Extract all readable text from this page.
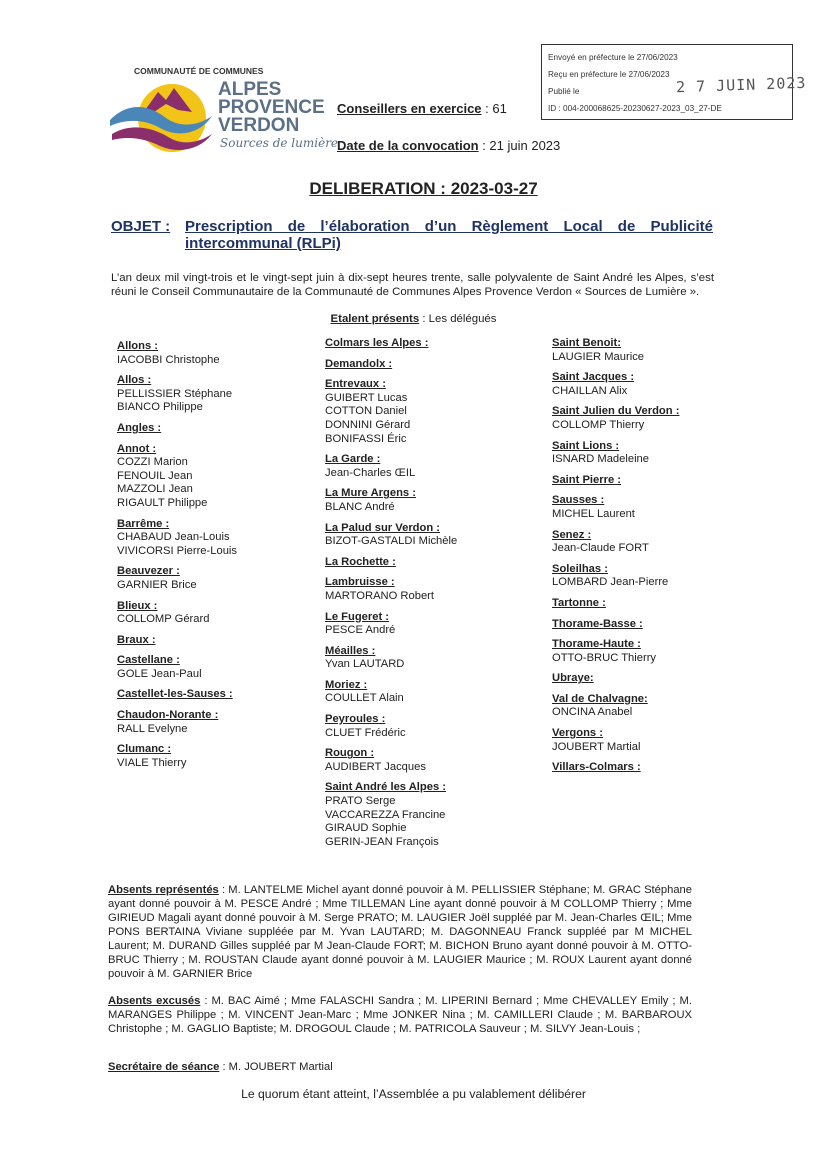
Envoyé en préfecture le 27/06/2023
Reçu en préfecture le 27/06/2023
Publié le	2 7 JUIN 2023
ID : 004-200068625-20230627-2023_03_27-DE
COMMUNAUTÉ DE COMMUNES
ALPES
PROVENCE
VERDON
Sources de lumière
Conseillers en exercice : 61
Date de la convocation : 21 juin 2023
DELIBERATION : 2023-03-27
OBJET : Prescription de l’élaboration d’un Règlement Local de Publicité intercommunal (RLPi)
L’an deux mil vingt-trois et le vingt-sept juin à dix-sept heures trente, salle polyvalente de Saint André les Alpes, s’est réuni le Conseil Communautaire de la Communauté de Communes Alpes Provence Verdon « Sources de Lumière ».
Etalent présents : Les délégués
Allons :
IACOBBI Christophe
Allos :
PELLISSIER Stéphane
BIANCO Philippe
Angles :
Annot :
COZZI Marion
FENOUIL Jean
MAZZOLI Jean
RIGAULT Philippe
Barrême :
CHABAUD Jean-Louis
VIVICORSI Pierre-Louis
Beauvezer :
GARNIER Brice
Blieux :
COLLOMP Gérard
Braux :
Castellane :
GOLE Jean-Paul
Castellet-les-Sauses :
Chaudon-Norante :
RALL Evelyne
Clumanc :
VIALE Thierry
Colmars les Alpes :
Demandolx :
Entrevaux :
GUIBERT Lucas
COTTON Daniel
DONNINI Gérard
BONIFASSI Éric
La Garde :
Jean-Charles ŒIL
La Mure Argens :
BLANC André
La Palud sur Verdon :
BIZOT-GASTALDI Michèle
La Rochette :
Lambruisse :
MARTORANO Robert
Le Fugeret :
PESCE André
Méailles :
Yvan LAUTARD
Moriez :
COULLET Alain
Peyroules :
CLUET Frédéric
Rougon :
AUDIBERT Jacques
Saint André les Alpes :
PRATO Serge
VACCAREZZA Francine
GIRAUD Sophie
GERIN-JEAN François
Saint Benoit:
LAUGIER Maurice
Saint Jacques :
CHAILLAN Alix
Saint Julien du Verdon :
COLLOMP Thierry
Saint Lions :
ISNARD Madeleine
Saint Pierre :
Sausses :
MICHEL Laurent
Senez :
Jean-Claude FORT
Soleilhas :
LOMBARD Jean-Pierre
Tartonne :
Thorame-Basse :
Thorame-Haute :
OTTO-BRUC Thierry
Ubraye:
Val de Chalvagne:
ONCINA Anabel
Vergons :
JOUBERT Martial
Villars-Colmars :
Absents représentés : M. LANTELME Michel ayant donné pouvoir à M. PELLISSIER Stéphane; M. GRAC Stéphane ayant donné pouvoir à M. PESCE André ; Mme TILLEMAN Line ayant donné pouvoir à M COLLOMP Thierry ; Mme GIRIEUD Magali ayant donné pouvoir à M. Serge PRATO; M. LAUGIER Joël suppléé par M. Jean-Charles ŒIL; Mme PONS BERTAINA Viviane suppléée par M. Yvan LAUTARD; M. DAGONNEAU Franck suppléé par M MICHEL Laurent; M. DURAND Gilles suppléé par M Jean-Claude FORT; M. BICHON Bruno ayant donné pouvoir à M. OTTO-BRUC Thierry ; M. ROUSTAN Claude ayant donné pouvoir à M. LAUGIER Maurice ; M. ROUX Laurent ayant donné pouvoir à M. GARNIER Brice
Absents excusés : M. BAC Aimé ; Mme FALASCHI Sandra ; M. LIPERINI Bernard ; Mme CHEVALLEY Emily ; M. MARANGES Philippe ; M. VINCENT Jean-Marc ; Mme JONKER Nina ; M. CAMILLERI Claude ; M. BARBAROUX Christophe ; M. GAGLIO Baptiste; M. DROGOUL Claude ; M. PATRICOLA Sauveur ; M. SILVY Jean-Louis ;
Secrétaire de séance : M. JOUBERT Martial
Le quorum étant atteint, l’Assemblée a pu valablement délibérer
